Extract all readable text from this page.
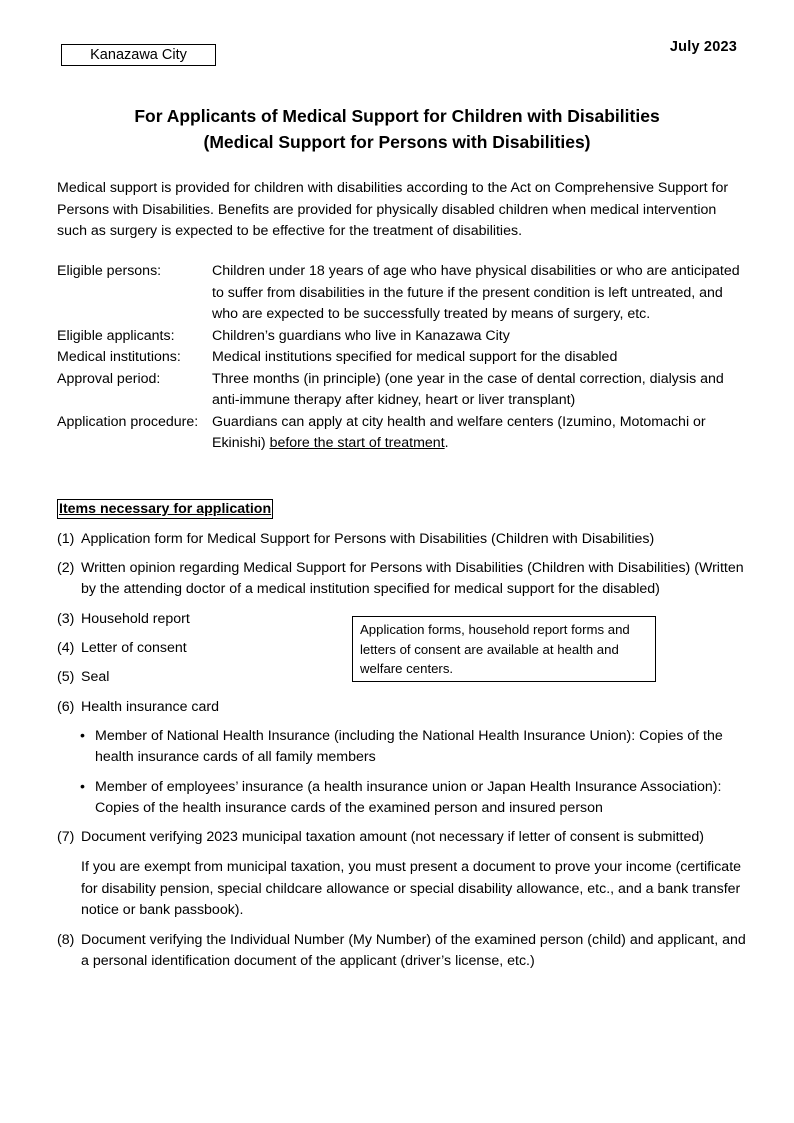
Kanazawa City	July 2023
For Applicants of Medical Support for Children with Disabilities
(Medical Support for Persons with Disabilities)
Medical support is provided for children with disabilities according to the Act on Comprehensive Support for Persons with Disabilities. Benefits are provided for physically disabled children when medical intervention such as surgery is expected to be effective for the treatment of disabilities.
Eligible persons:	Children under 18 years of age who have physical disabilities or who are anticipated to suffer from disabilities in the future if the present condition is left untreated, and who are expected to be successfully treated by means of surgery, etc.
Eligible applicants:	Children’s guardians who live in Kanazawa City
Medical institutions:	Medical institutions specified for medical support for the disabled
Approval period:	Three months (in principle) (one year in the case of dental correction, dialysis and anti-immune therapy after kidney, heart or liver transplant)
Application procedure: Guardians can apply at city health and welfare centers (Izumino, Motomachi or Ekinishi) before the start of treatment.
Items necessary for application
(1) Application form for Medical Support for Persons with Disabilities (Children with Disabilities)
(2) Written opinion regarding Medical Support for Persons with Disabilities (Children with Disabilities) (Written by the attending doctor of a medical institution specified for medical support for the disabled)
(3) Household report
(4) Letter of consent
(5) Seal
Application forms, household report forms and letters of consent are available at health and welfare centers.
(6) Health insurance card
• Member of National Health Insurance (including the National Health Insurance Union): Copies of the health insurance cards of all family members
• Member of employees’ insurance (a health insurance union or Japan Health Insurance Association): Copies of the health insurance cards of the examined person and insured person
(7) Document verifying 2023 municipal taxation amount (not necessary if letter of consent is submitted)
If you are exempt from municipal taxation, you must present a document to prove your income (certificate for disability pension, special childcare allowance or special disability allowance, etc., and a bank transfer notice or bank passbook).
(8) Document verifying the Individual Number (My Number) of the examined person (child) and applicant, and a personal identification document of the applicant (driver’s license, etc.)
